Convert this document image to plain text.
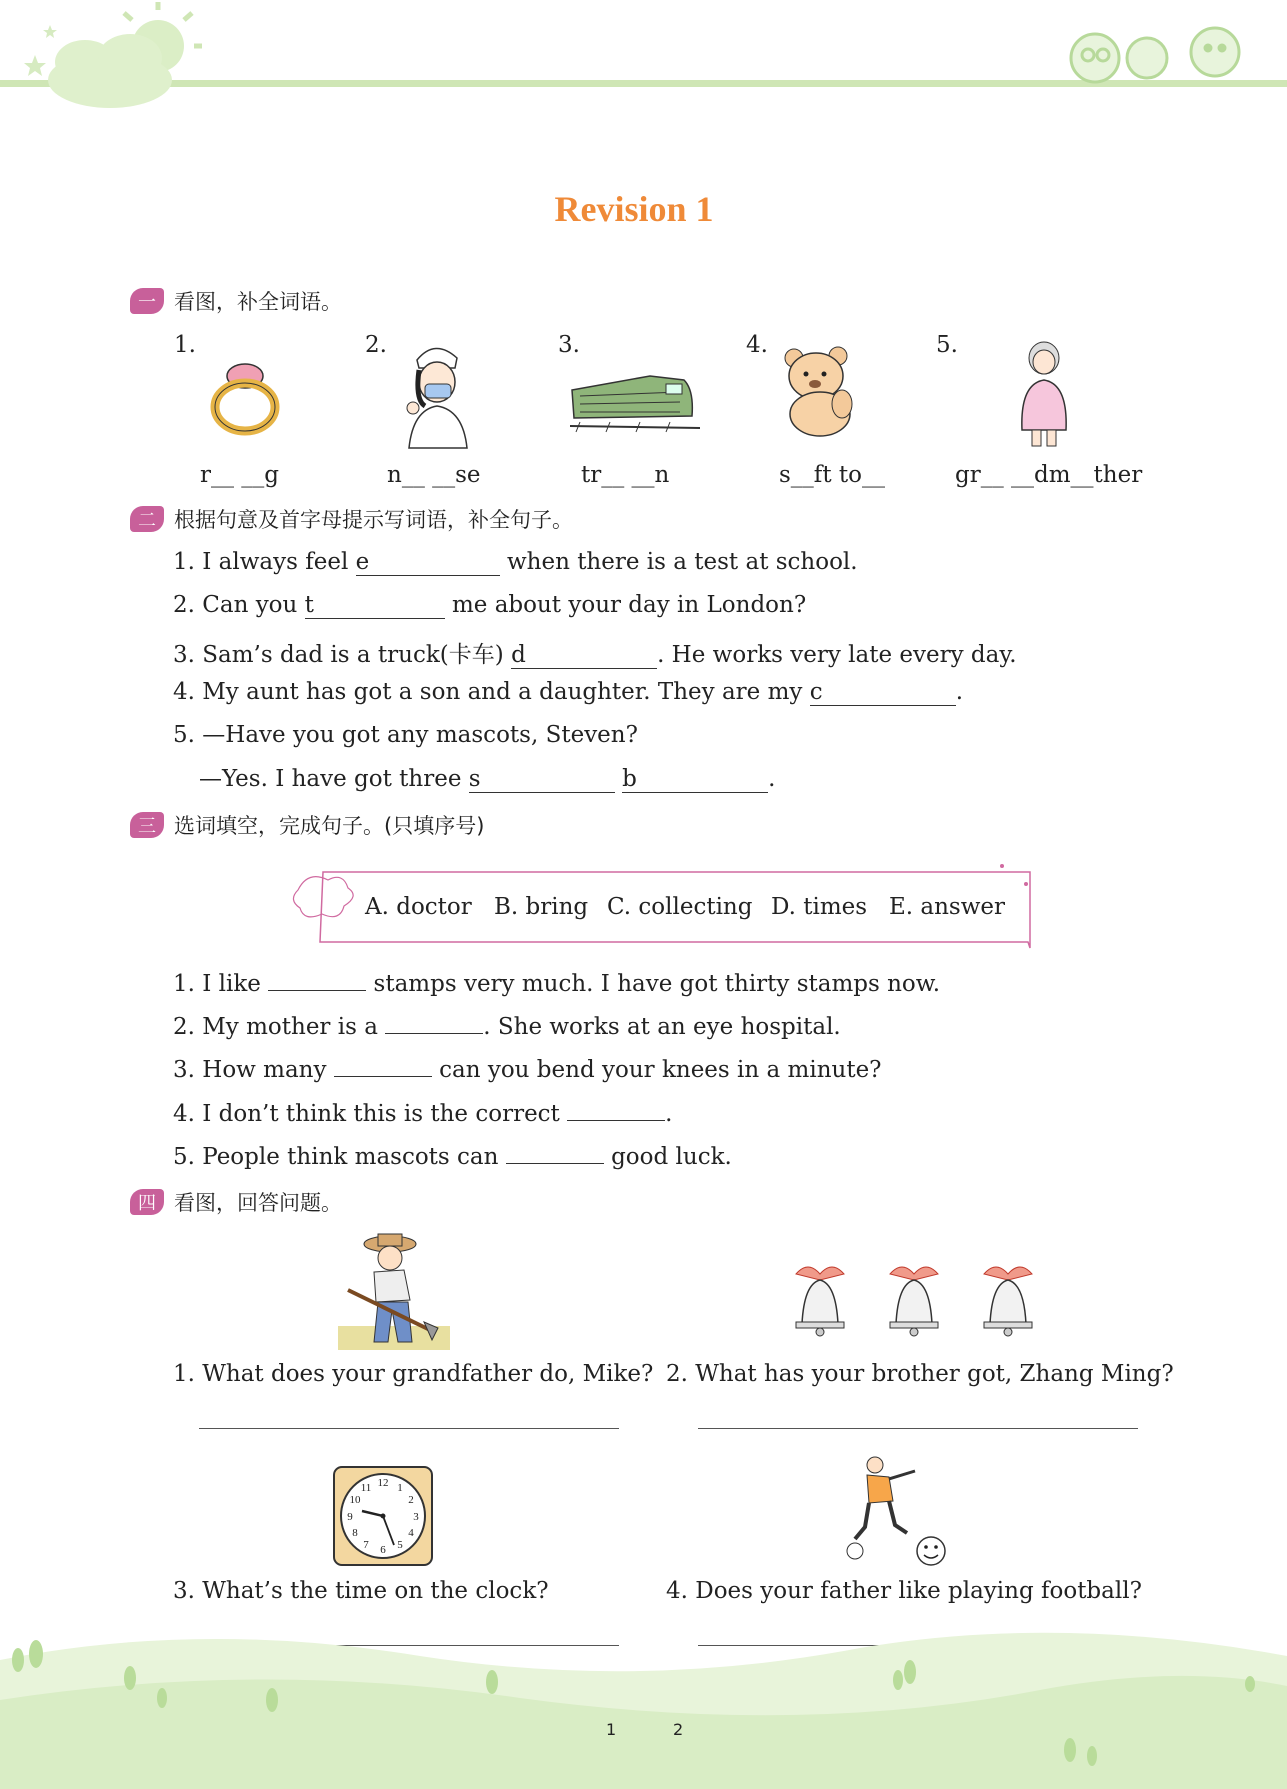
Revision 1
一 看图，补全词语。
1.	2.	3.	4.	5.
r__ __g	n__ __se	tr__ __n	s__ft to__	gr__ __dm__ther
二 根据句意及首字母提示写词语，补全句子。
1. I always feel e	when there is a test at school.
2. Can you t	me about your day in London?
3. Sam’s dad is a truck(卡车) d	. He works very late every day.
4. My aunt has got a son and a daughter. They are my c	.
5. —Have you got any mascots, Steven?
—Yes. I have got three s	b	.
三 选词填空，完成句子。(只填序号)
A. doctor B. bring C. collecting D. times E. answer
1. I like	stamps very much. I have got thirty stamps now.
2. My mother is a	. She works at an eye hospital.
3. How many	can you bend your knees in a minute?
4. I don’t think this is the correct	.
5. People think mascots can	good luck.
四 看图，回答问题。
1. What does your grandfather do, Mike? 2. What has your brother got, Zhang Ming?
12 1
2
3
4
5
6
7
8
9
10
11
3. What’s the time on the clock?	4. Does your father like playing football?
1	2
